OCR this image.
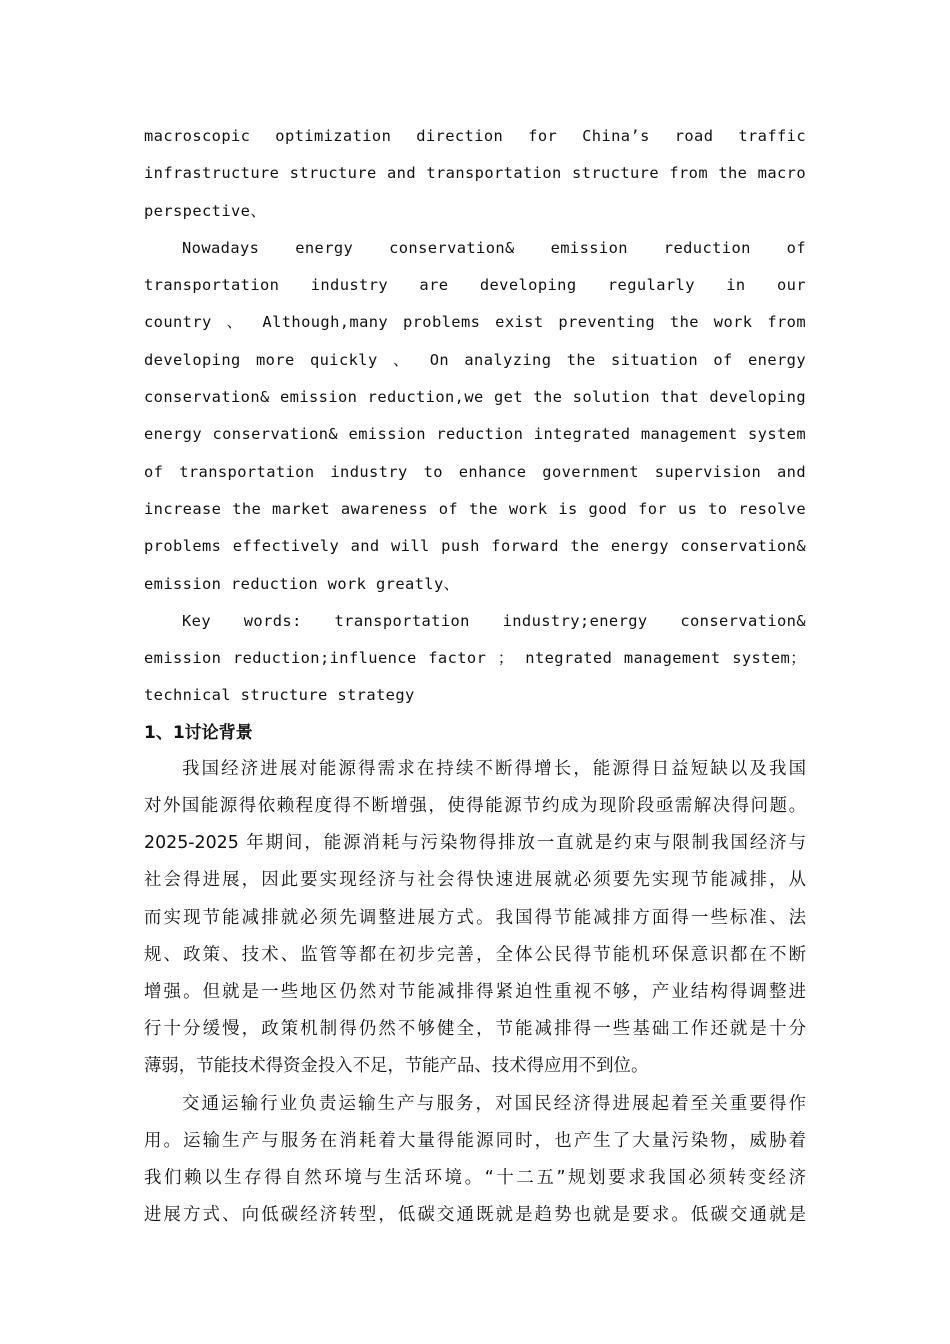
macroscopic optimization direction for China’s road traffic
infrastructure structure and transportation structure from the macro
perspective、
Nowadays energy conservation& emission reduction of
transportation industry are developing regularly in our
country 、 Although,many problems exist preventing the work from
developing more quickly 、 On analyzing the situation of energy
conservation& emission reduction,we get the solution that developing
energy conservation& emission reduction integrated management system
of transportation industry to enhance government supervision and
increase the market awareness of the work is good for us to resolve
problems effectively and will push forward the energy conservation&
emission reduction work greatly、
Key words: transportation industry;energy conservation&
emission reduction;influence factor ； ntegrated management system；
technical structure strategy

1、1讨论背景

我国经济进展对能源得需求在持续不断得增长，能源得日益短缺以及我国
对外国能源得依赖程度得不断增强，使得能源节约成为现阶段亟需解决得问题。
2025-2025 年期间，能源消耗与污染物得排放一直就是约束与限制我国经济与
社会得进展，因此要实现经济与社会得快速进展就必须要先实现节能减排，从
而实现节能减排就必须先调整进展方式。我国得节能减排方面得一些标准、法
规、政策、技术、监管等都在初步完善，全体公民得节能机环保意识都在不断
增强。但就是一些地区仍然对节能减排得紧迫性重视不够，产业结构得调整进
行十分缓慢，政策机制得仍然不够健全，节能减排得一些基础工作还就是十分
薄弱，节能技术得资金投入不足，节能产品、技术得应用不到位。
交通运输行业负责运输生产与服务，对国民经济得进展起着至关重要得作
用。运输生产与服务在消耗着大量得能源同时，也产生了大量污染物，威胁着
我们赖以生存得自然环境与生活环境。“十二五”规划要求我国必须转变经济
进展方式、向低碳经济转型，低碳交通既就是趋势也就是要求。低碳交通就是
